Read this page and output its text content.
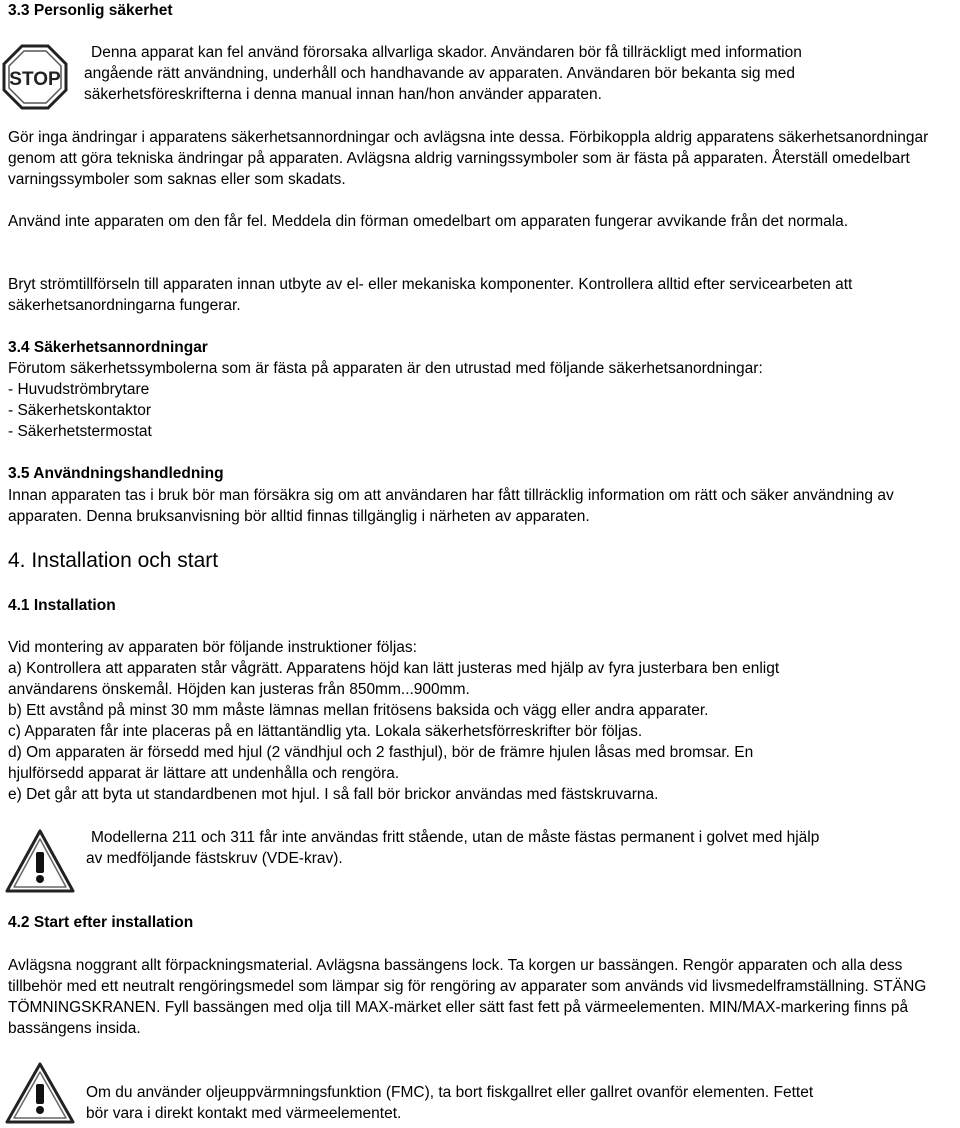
3.3 Personlig säkerhet
STOP
Denna apparat kan fel använd förorsaka allvarliga skador. Användaren bör få tillräckligt med information
angående rätt användning, underhåll och handhavande av apparaten. Användaren bör bekanta sig med
säkerhetsföreskrifterna i denna manual innan han/hon använder apparaten.
Gör inga ändringar i apparatens säkerhetsannordningar och avlägsna inte dessa. Förbikoppla aldrig apparatens säkerhetsanordningar genom att göra tekniska ändringar på apparaten. Avlägsna aldrig varningssymboler som är fästa på apparaten. Återställ omedelbart varningssymboler som saknas eller som skadats.
Använd inte apparaten om den får fel. Meddela din förman omedelbart om apparaten fungerar avvikande från det normala.
Bryt strömtillförseln till apparaten innan utbyte av el- eller mekaniska komponenter. Kontrollera alltid efter servicearbeten att säkerhetsanordningarna fungerar.
3.4 Säkerhetsannordningar
Förutom säkerhetssymbolerna som är fästa på apparaten är den utrustad med följande säkerhetsanordningar:
- Huvudströmbrytare
- Säkerhetskontaktor
- Säkerhetstermostat
3.5 Användningshandledning
Innan apparaten tas i bruk bör man försäkra sig om att användaren har fått tillräcklig information om rätt och säker användning av apparaten. Denna bruksanvisning bör alltid finnas tillgänglig i närheten av apparaten.
4. Installation och start
4.1 Installation
Vid montering av apparaten bör följande instruktioner följas:
a) Kontrollera att apparaten står vågrätt. Apparatens höjd kan lätt justeras med hjälp av fyra justerbara ben enligt
användarens önskemål. Höjden kan justeras från 850mm...900mm.
b) Ett avstånd på minst 30 mm måste lämnas mellan fritösens baksida och vägg eller andra apparater.
c) Apparaten får inte placeras på en lättantändlig yta. Lokala säkerhetsförreskrifter bör följas.
d) Om apparaten är försedd med hjul (2 vändhjul och 2 fasthjul), bör de främre hjulen låsas med bromsar. En
hjulförsedd apparat är lättare att undenhålla och rengöra.
e) Det går att byta ut standardbenen mot hjul. I så fall bör brickor användas med fästskruvarna.
Modellerna 211 och 311 får inte användas fritt stående, utan de måste fästas permanent i golvet med hjälp
av medföljande fästskruv (VDE-krav).
4.2 Start efter installation
Avlägsna noggrant allt förpackningsmaterial. Avlägsna bassängens lock. Ta korgen ur bassängen. Rengör apparaten och alla dess tillbehör med ett neutralt rengöringsmedel som lämpar sig för rengöring av apparater som används vid livsmedelframställning. STÄNG TÖMNINGSKRANEN. Fyll bassängen med olja till MAX-märket eller sätt fast fett på värmeelementen. MIN/MAX-markering finns på bassängens insida.
Om du använder oljeuppvärmningsfunktion (FMC), ta bort fiskgallret eller gallret ovanför elementen. Fettet
bör vara i direkt kontakt med värmeelementet.
